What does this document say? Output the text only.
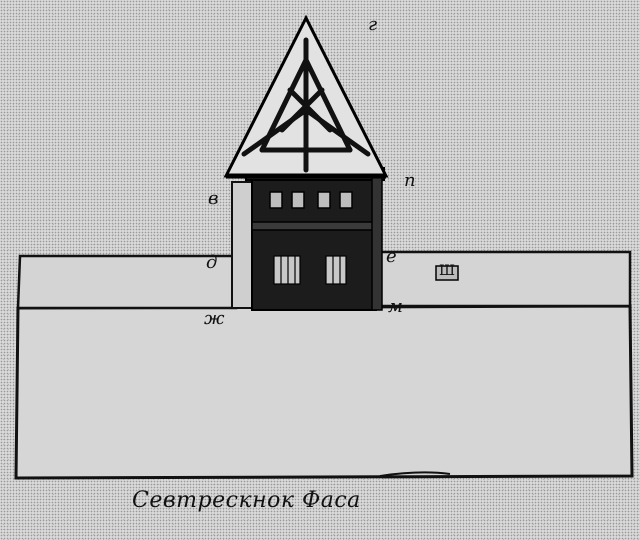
г
в
п
д	е
ж
м
Ш
Севтрескнок Фаса
